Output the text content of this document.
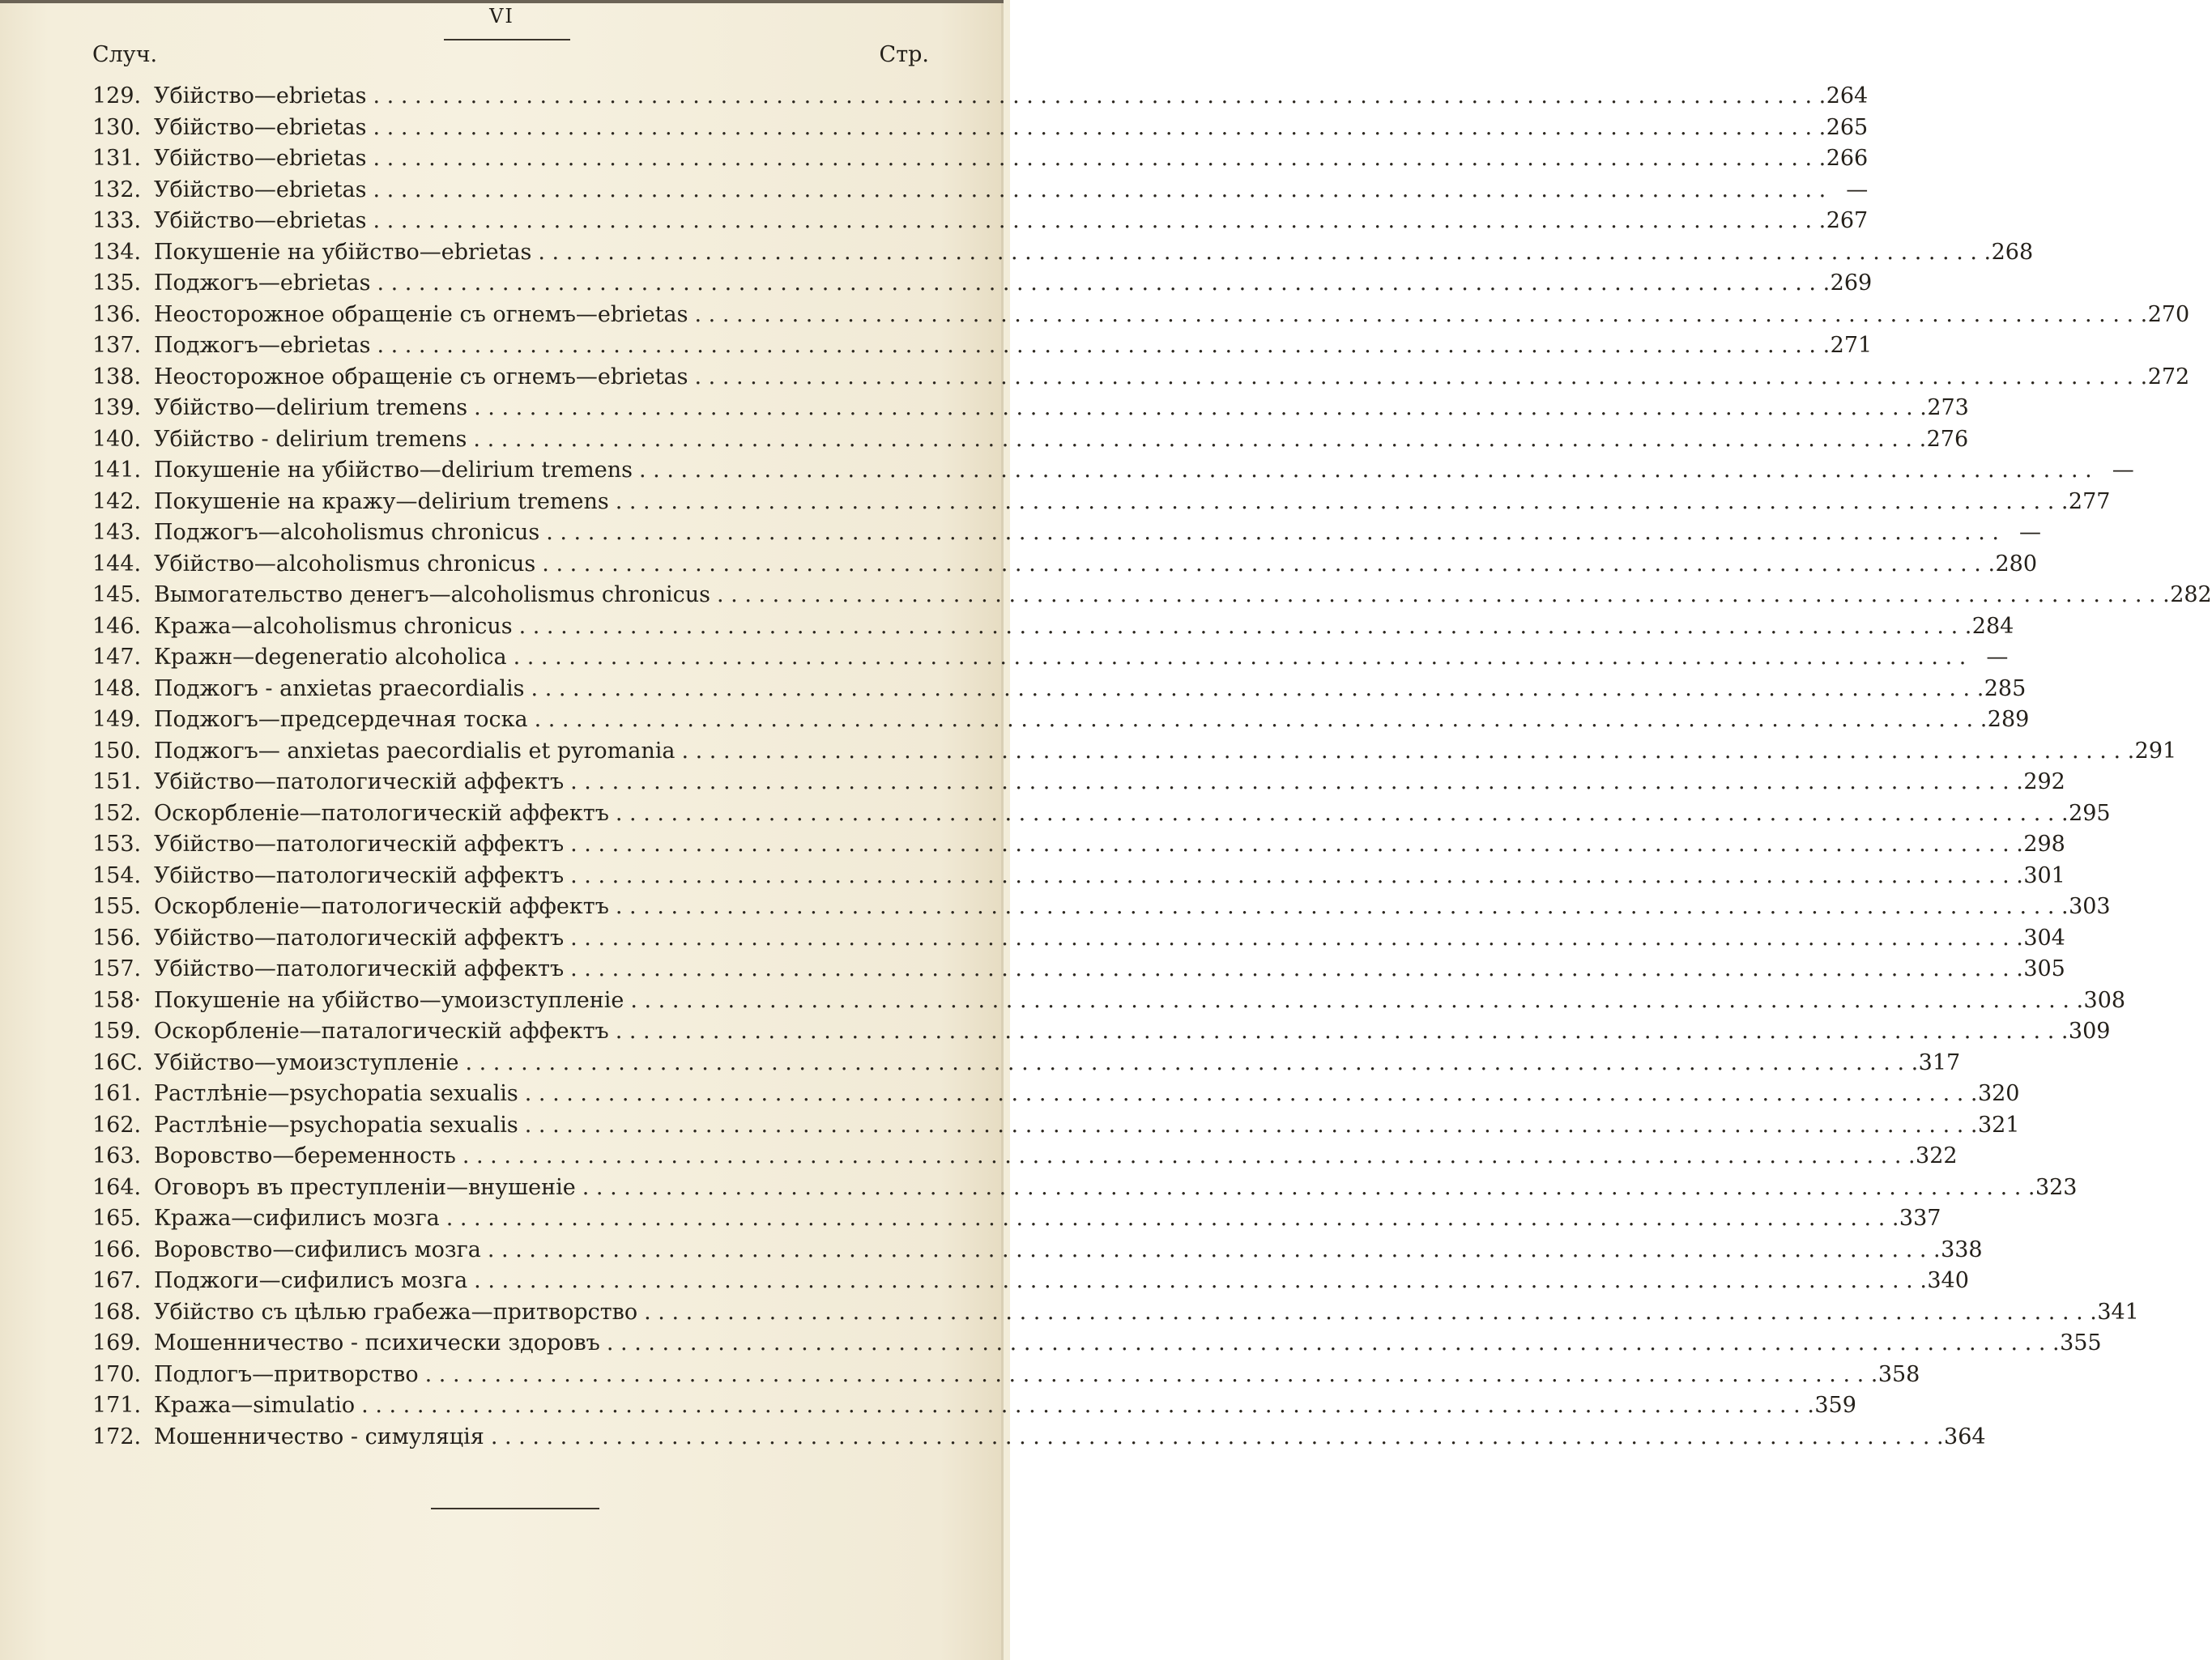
VI
Случ.	Стр.
129. Убійство—ebrietas . . .	264
130. Убійство—ebrietas . . .	265
131. Убійство—ebrietas . . .	266
132. Убійство—ebrietas . . .	—
133. Убійство—ebrietas . . .	267
134. Покушеніе на убійство—ebrietas . . .	268
135. Поджогъ—ebrietas . . .	269
136. Неосторожное обращеніе съ огнемъ—ebrietas . . .	270
137. Поджогъ—ebrietas . . .	271
138. Неосторожное обращеніе съ огнемъ—ebrietas . . .	272
139. Убійство—delirium tremens . . .	273
140. Убійство - delirium tremens . . .	276
141. Покушеніе на убійство—delirium tremens . . .	—
142. Покушеніе на кражу—delirium tremens . . .	277
143. Поджогъ—alcoholismus chronicus . . .	—
144. Убійство—alcoholismus chronicus . . .	280
145. Вымогательство денегъ—alcoholismus chronicus . . .	282
146. Кража—alcoholismus chronicus . . .	284
147. Кражн—degeneratio alcoholica . . .	—
148. Поджогъ - anxietas praecordialis . . .	285
149. Поджогъ—предсердечная тоска . . .	289
150. Поджогъ— anxietas paecordialis et pyromania . . .	291
151. Убійство—патологическій аффектъ . . .	292
152. Оскорбленіе—патологическій аффектъ . . .	295
153. Убійство—патологическій аффектъ . . .	298
154. Убійство—патологическій аффектъ . . .	301
155. Оскорбленіе—патологическій аффектъ . . .	303
156. Убійство—патологическій аффектъ . . .	304
157. Убійство—патологическій аффектъ . . .	305
158· Покушеніе на убійство—умоизступленіе . . .	308
159. Оскорбленіе—паталогическій аффектъ . . .	309
16C. Убійство—умоизступленіе . . .	317
161. Растлѣніе—psychopatia sexualis . . .	320
162. Растлѣніе—psychopatia sexualis . . .	321
163. Воровство—беременность . . .	322
164. Оговоръ въ преступленіи—внушеніе . . .	323
165. Кража—сифилисъ мозга . . .	337
166. Воровство—сифилисъ мозга . . .	338
167. Поджоги—сифилисъ мозга . . .	340
168. Убійство съ цѣлью грабежа—притворство . . .	341
169. Мошенничество - психически здоровъ . . .	355
170. Подлогъ—притворство . . .	358
171. Кража—simulatio . . .	359
172. Мошенничество - симуляція . . .	364
